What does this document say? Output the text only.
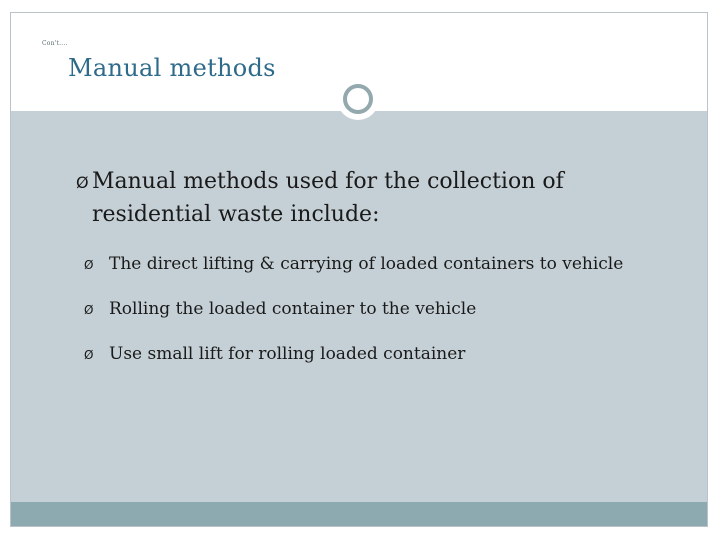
Con't....
Manual methods
Ø Manual methods used for the collection of residential waste include:
Ø The direct lifting & carrying of loaded containers to vehicle
Ø Rolling the loaded container to the vehicle
Ø Use small lift for rolling loaded container
